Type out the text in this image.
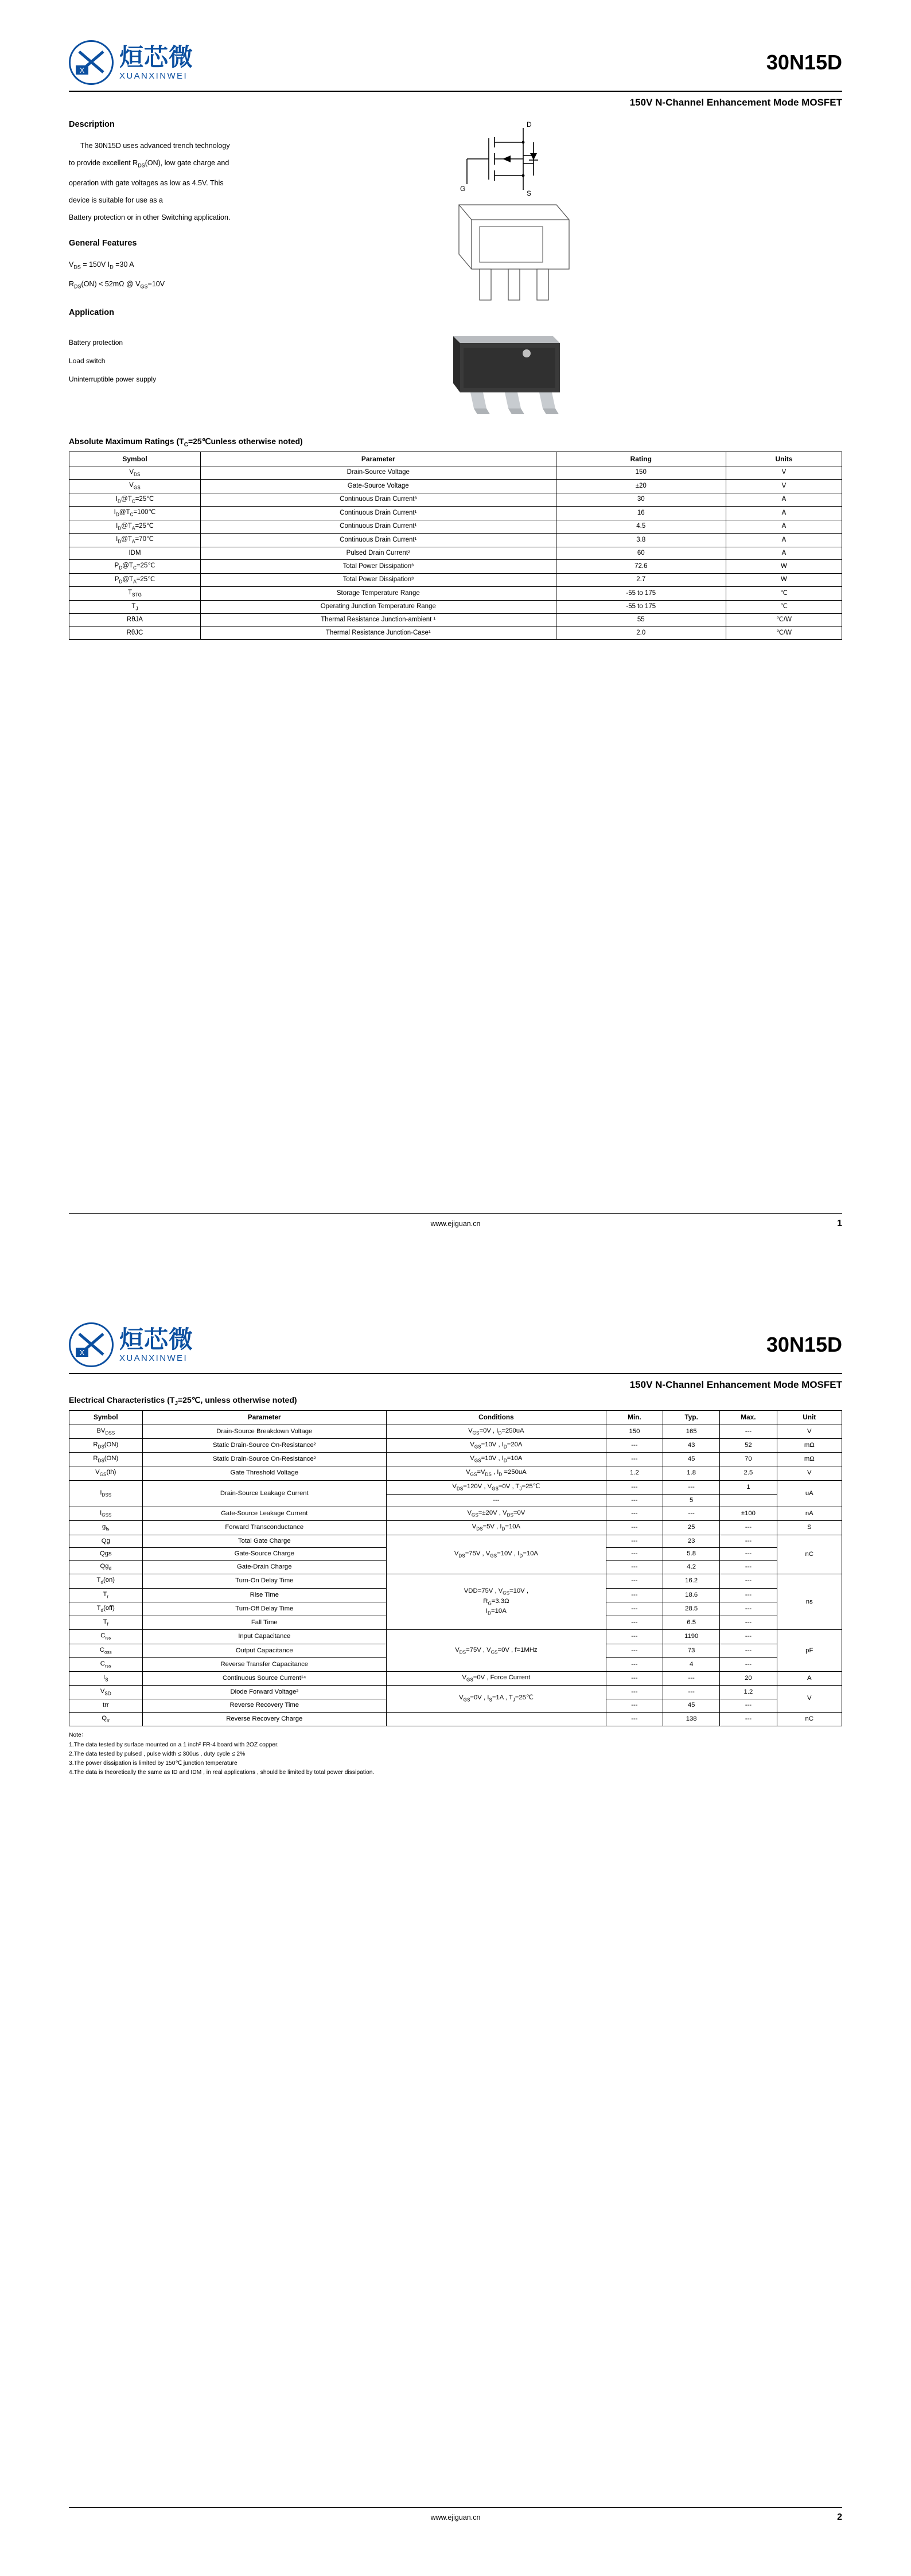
X 烜芯微
XUANXINWEI
30N15D
150V N-Channel Enhancement Mode MOSFET
Description

The 30N15D uses advanced trench technology

to provide excellent $R_{DS}(ON)$, low gate charge and

operation with gate voltages as low as 4.5V. This

device is suitable for use as a

Battery protection or in other Switching application.

General Features

$V_{DS} = 150V$ $I_D =30$ A

$R_{DS}(ON) < 52m\Omega$ @ $V_{GS}=10V$

Application

Battery protection

Load switch

Uninterruptible power supply

D
S
G
Absolute Maximum Ratings ($T_C=25℃unless$ otherwise noted)
Symbol	Parameter	Rating	Units
$V_{DS}$	Drain-Source Voltage	150	V
$V_{GS}$	Gate-Source Voltage	±20	V
$I_D@T_C=25℃$	Continuous Drain Current³	30	A
$I_D@T_C=100℃$	Continuous Drain Current¹	16	A
$I_D@T_A=25℃$	Continuous Drain Current¹	4.5	A
$I_D@T_A=70℃$	Continuous Drain Current¹	3.8	A
IDM	Pulsed Drain Current²	60	A
$P_D@T_C=25℃$	Total Power Dissipation³	72.6	W
$P_D@T_A=25℃$	Total Power Dissipation³	2.7	W
$T_{STG}$	Storage Temperature Range	-55 to 175	℃
$T_J$	Operating Junction Temperature Range	-55 to 175	℃
RθJA	Thermal Resistance Junction-ambient ¹	55	℃/W
RθJC	Thermal Resistance Junction-Case¹	2.0	℃/W
www.ejiguan.cn	1
X 烜芯微
XUANXINWEI
30N15D
150V N-Channel Enhancement Mode MOSFET
Electrical Characteristics ($T_J=25℃$, unless otherwise noted)
Symbol	Parameter	Conditions	Min.	Typ.	Max.	Unit
$BV_{DSS}$	Drain-Source Breakdown Voltage	$V_{GS}=0V$ , $I_D=250uA$	150	165	---	V
$R_{DS}(ON)$	Static Drain-Source On-Resistance²	$V_{GS}=10V$ , $I_D=20A$	---	43	52	mΩ
$R_{DS}(ON)$	Static Drain-Source On-Resistance²	$V_{GS}=10V$ , $I_D=10A$	---	45	70	mΩ
$V_{GS}(th)$	Gate Threshold Voltage	$V_{GS}=V_{DS}$ , $I_D =250uA$	1.2	1.8	2.5	V
$I_{DSS}$	Drain-Source Leakage Current	$V_{DS}=120V$ , $V_{GS}=0V$ , $T_J=25℃$	---	---	1	uA
		---	---	5		
$I_{GSS}$	Gate-Source Leakage Current	$V_{GS}=\pm 20V$ , $V_{DS}=0V$	---	---	±100	nA
$g_{fs}$	Forward Transconductance	$V_{DS}=5V$ , $I_D=10A$	---	25	---	S
Qg	Total Gate Charge	$V_{DS}=75V$ , $V_{GS}=10V$ , $I_D=10A$	---	23	---	nC
Qgs	Gate-Source Charge		---	5.8	---	
$Qg_d$	Gate-Drain Charge		---	4.2	---	
$T_d(on)$	Turn-On Delay Time	VDD=75V , $V_{GS}=10V$ ,
$R_G=3.3\Omega$
$I_D=10A$	---	16.2	---	ns
$T_r$	Rise Time		---	18.6	---	
$T_d(off)$	Turn-Off Delay Time		---	28.5	---	
$T_f$	Fall Time		---	6.5	---	
$C_{iss}$	Input Capacitance	$V_{DS}=75V$ , $V_{GS}=0V$ , f=1MHz	---	1190	---	pF
$C_{oss}$	Output Capacitance		---	73	---	
$C_{rss}$	Reverse Transfer Capacitance		---	4	---	
$I_S$	Continuous Source Current¹⁴	$V_{GS}=0V$ , Force Current	---	---	20	A
$V_{SD}$	Diode Forward Voltage²	$V_{GS}=0V$ , $I_S=1A$ , $T_J=25℃$	---	---	1.2	V
trr	Reverse Recovery Time		---	45	---	
$Q_{rr}$	Reverse Recovery Charge		---	138	---	nC
Note：
1.The data tested by surface mounted on a 1 inch² FR-4 board with 2OZ copper.
2.The data tested by pulsed , pulse width ≤ 300us , duty cycle ≤ 2%
3.The power dissipation is limited by 150℃ junction temperature
4.The data is theoretically the same as ID and IDM , in real applications , should be limited by total power dissipation.
www.ejiguan.cn	2
